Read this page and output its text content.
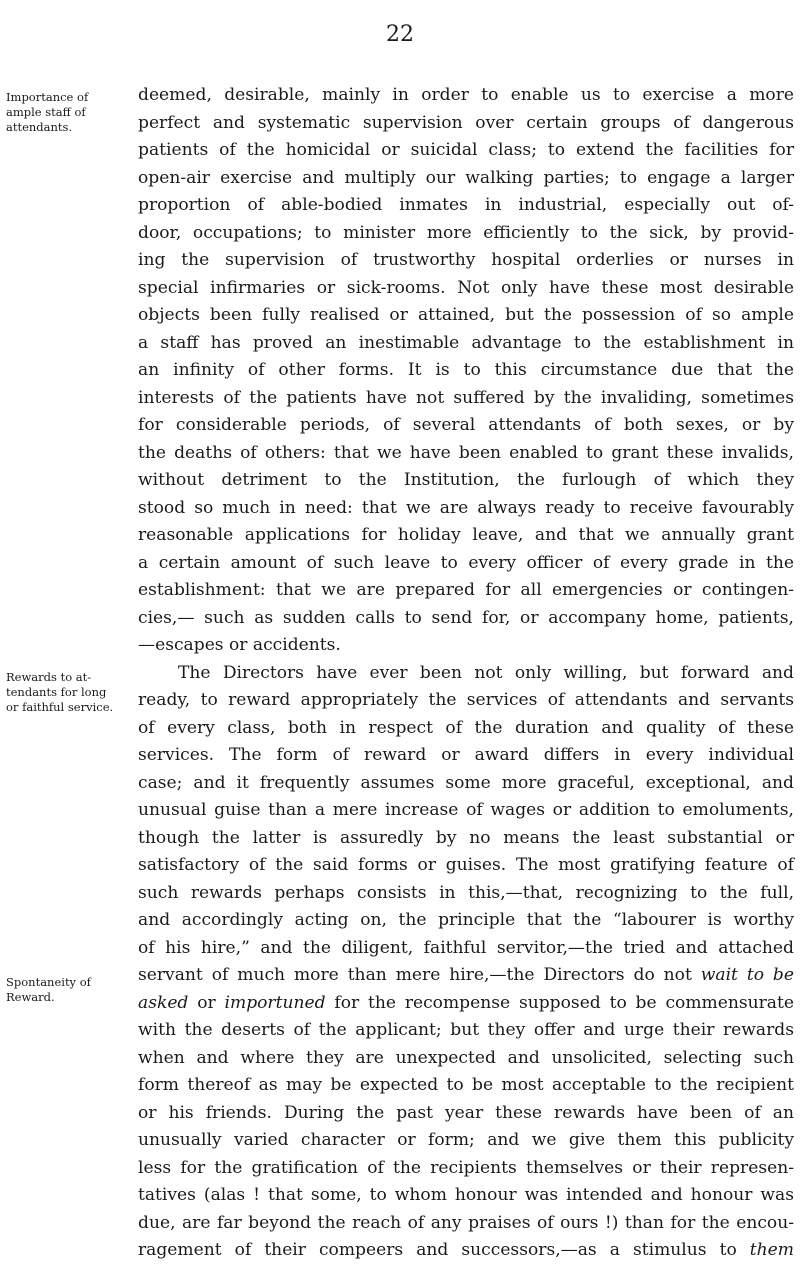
22
Importance of
ample staff of
attendants.
Rewards to at-
tendants for long
or faithful service.
Spontaneity of
Reward.
deemed, desirable, mainly in order to enable us to exercise a more
perfect and systematic supervision over certain groups of dangerous
patients of the homicidal or suicidal class; to extend the facilities for
open-air exercise and multiply our walking parties; to engage a larger
proportion of able-bodied inmates in industrial, especially out of-
door, occupations; to minister more efficiently to the sick, by provid-
ing the supervision of trustworthy hospital orderlies or nurses in
special infirmaries or sick-rooms. Not only have these most desirable
objects been fully realised or attained, but the possession of so ample
a staff has proved an inestimable advantage to the establishment in
an infinity of other forms. It is to this circumstance due that the
interests of the patients have not suffered by the invaliding, sometimes
for considerable periods, of several attendants of both sexes, or by
the deaths of others: that we have been enabled to grant these invalids,
without detriment to the Institution, the furlough of which they
stood so much in need: that we are always ready to receive favourably
reasonable applications for holiday leave, and that we annually grant
a certain amount of such leave to every officer of every grade in the
establishment: that we are prepared for all emergencies or contingen-
cies,— such as sudden calls to send for, or accompany home, patients,
—escapes or accidents.
The Directors have ever been not only willing, but forward and
ready, to reward appropriately the services of attendants and servants
of every class, both in respect of the duration and quality of these
services. The form of reward or award differs in every individual
case; and it frequently assumes some more graceful, exceptional, and
unusual guise than a mere increase of wages or addition to emoluments,
though the latter is assuredly by no means the least substantial or
satisfactory of the said forms or guises. The most gratifying feature of
such rewards perhaps consists in this,—that, recognizing to the full,
and accordingly acting on, the principle that the “labourer is worthy
of his hire,” and the diligent, faithful servitor,—the tried and attached
servant of much more than mere hire,—the Directors do not wait to be
asked or importuned for the recompense supposed to be commensurate
with the deserts of the applicant; but they offer and urge their rewards
when and where they are unexpected and unsolicited, selecting such
form thereof as may be expected to be most acceptable to the recipient
or his friends. During the past year these rewards have been of an
unusually varied character or form; and we give them this publicity
less for the gratification of the recipients themselves or their represen-
tatives (alas ! that some, to whom honour was intended and honour was
due, are far beyond the reach of any praises of ours !) than for the encou-
ragement of their compeers and successors,—as a stimulus to them
